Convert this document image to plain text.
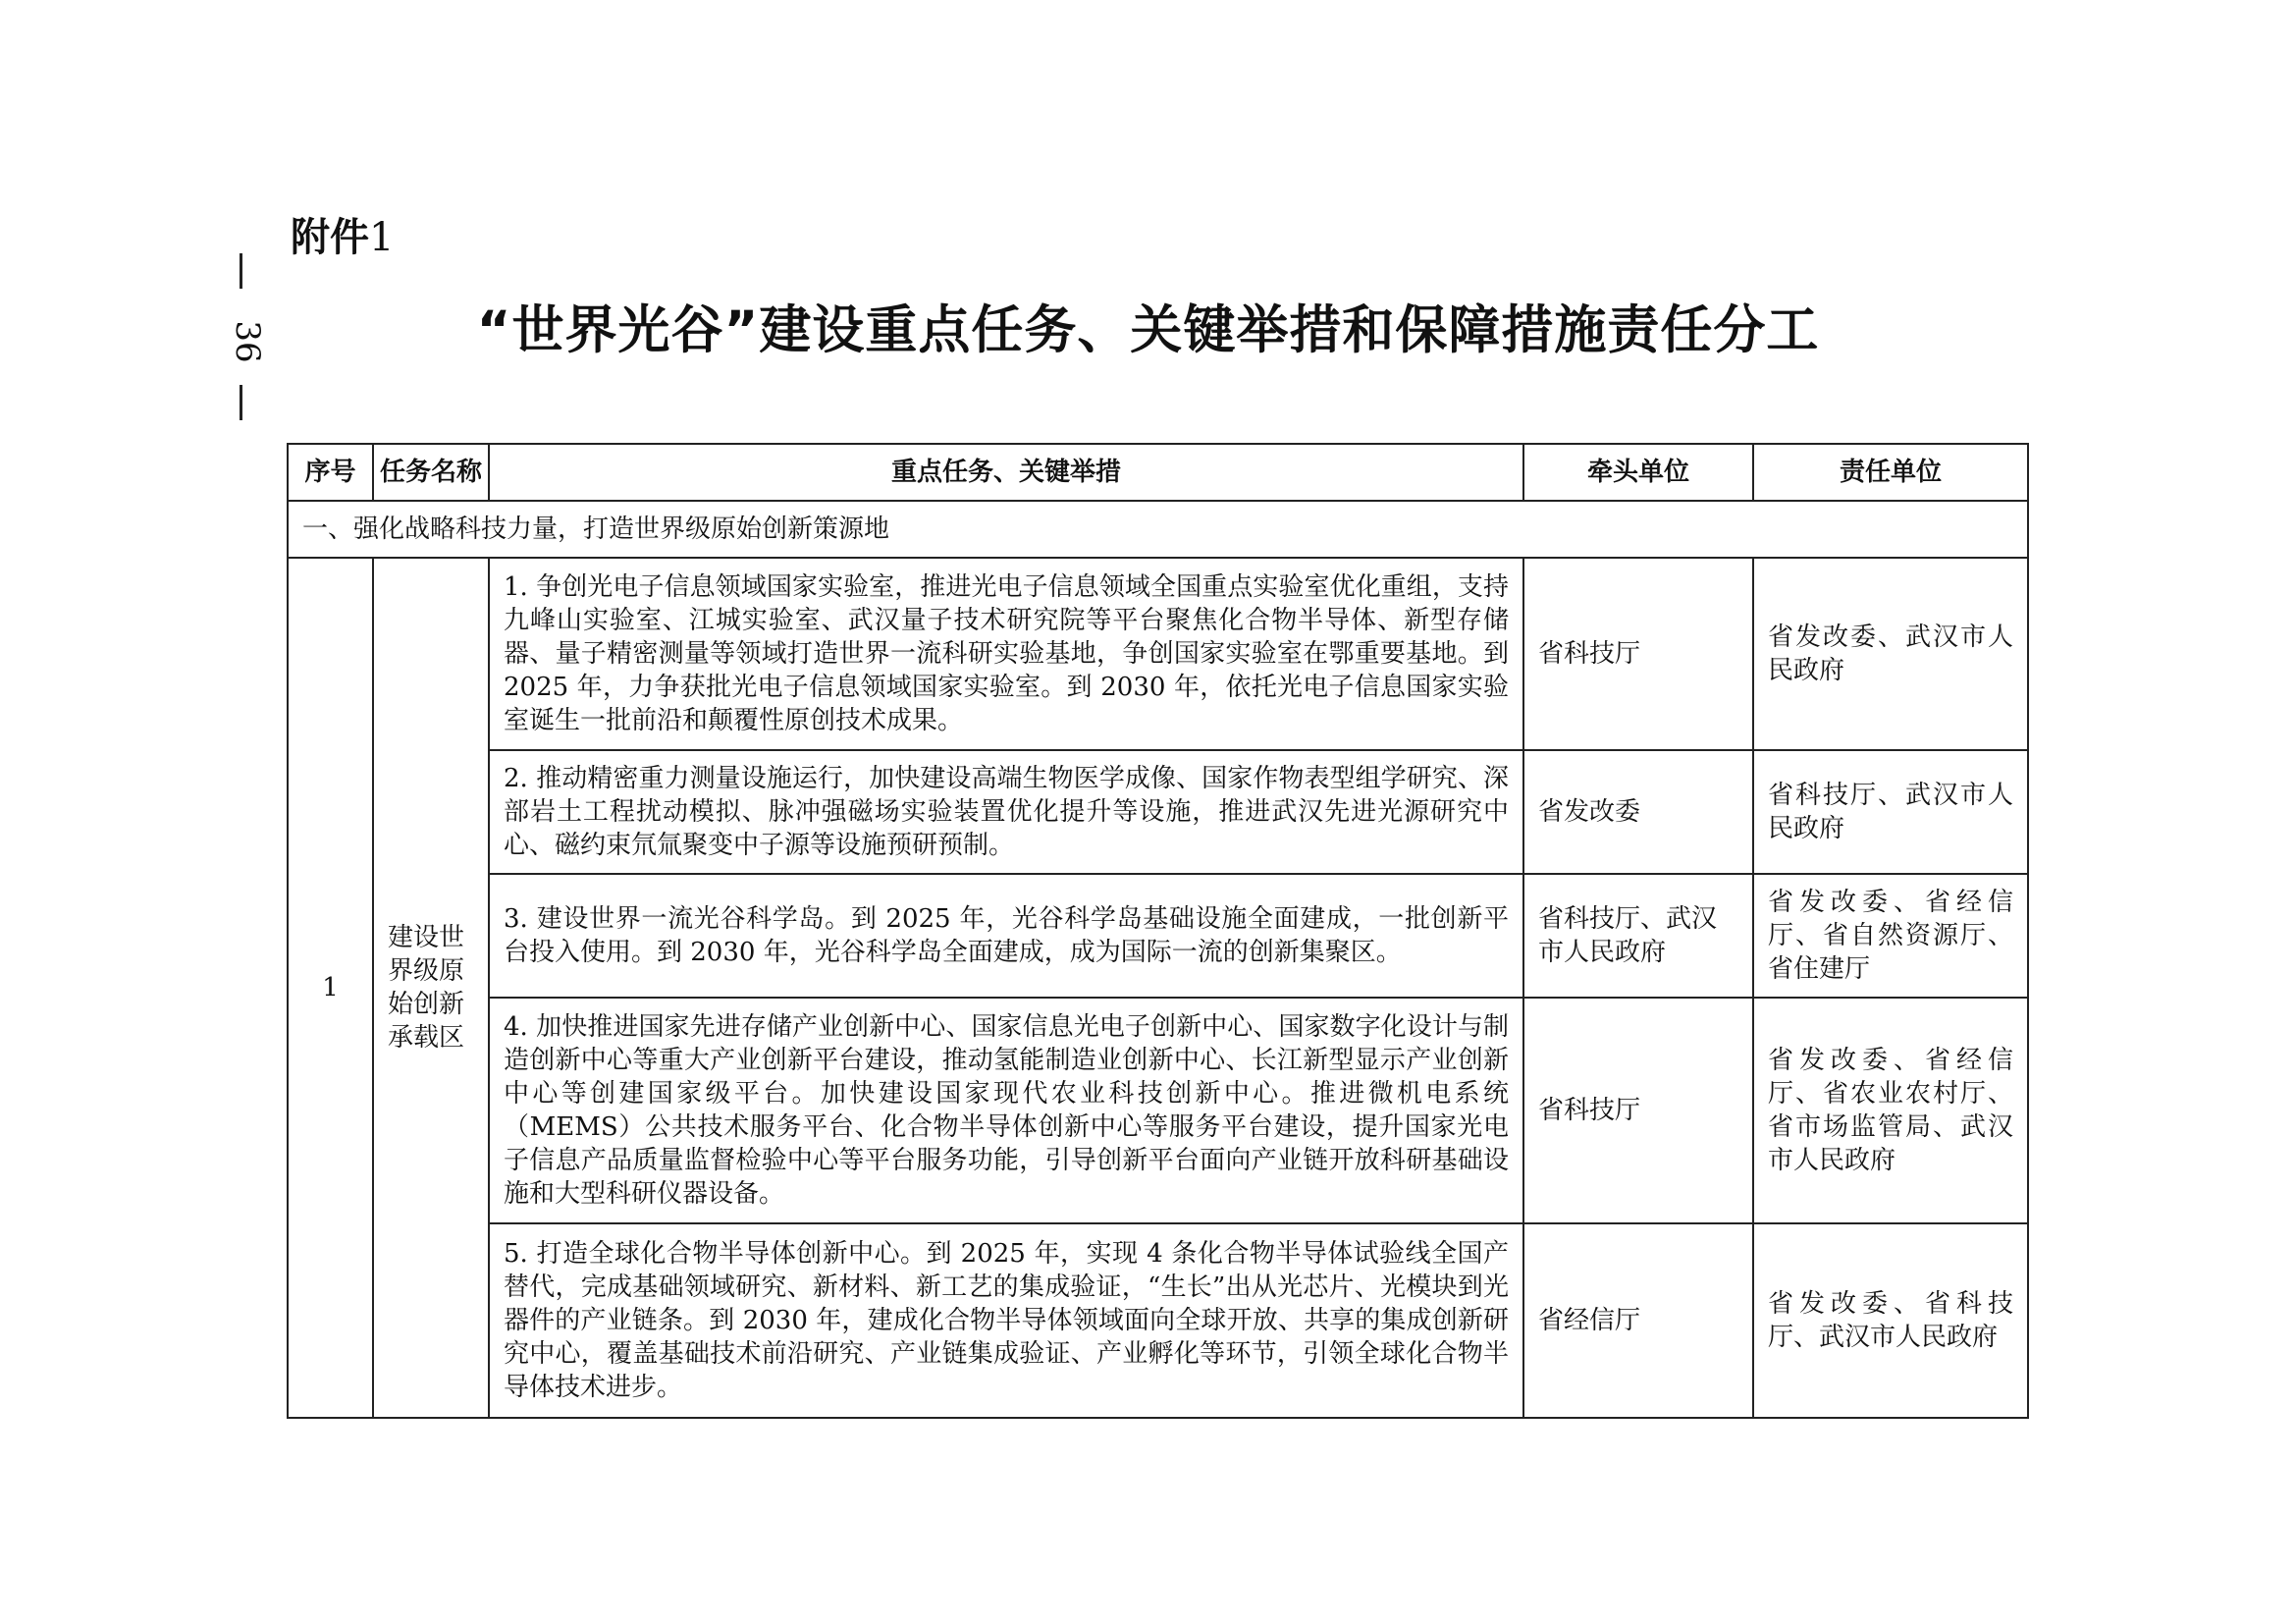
36
附件1
“世界光谷”建设重点任务、关键举措和保障措施责任分工
序号	任务名称	重点任务、关键举措	牵头单位	责任单位
一、强化战略科技力量，打造世界级原始创新策源地				
1	建设世界级原始创新承载区	1. 争创光电子信息领域国家实验室，推进光电子信息领域全国重点实验室优化重组，支持九峰山实验室、江城实验室、武汉量子技术研究院等平台聚焦化合物半导体、新型存储器、量子精密测量等领域打造世界一流科研实验基地，争创国家实验室在鄂重要基地。到 2025 年，力争获批光电子信息领域国家实验室。到 2030 年，依托光电子信息国家实验室诞生一批前沿和颠覆性原创技术成果。	省科技厅	省发改委、武汉市人民政府
		2. 推动精密重力测量设施运行，加快建设高端生物医学成像、国家作物表型组学研究、深部岩土工程扰动模拟、脉冲强磁场实验装置优化提升等设施，推进武汉先进光源研究中心、磁约束氘氚聚变中子源等设施预研预制。	省发改委	省科技厅、武汉市人民政府
		3. 建设世界一流光谷科学岛。到 2025 年，光谷科学岛基础设施全面建成，一批创新平台投入使用。到 2030 年，光谷科学岛全面建成，成为国际一流的创新集聚区。	省科技厅、武汉市人民政府	省发改委、省经信厅、省自然资源厅、省住建厅
		4. 加快推进国家先进存储产业创新中心、国家信息光电子创新中心、国家数字化设计与制造创新中心等重大产业创新平台建设，推动氢能制造业创新中心、长江新型显示产业创新中心等创建国家级平台。加快建设国家现代农业科技创新中心。推进微机电系统（MEMS）公共技术服务平台、化合物半导体创新中心等服务平台建设，提升国家光电子信息产品质量监督检验中心等平台服务功能，引导创新平台面向产业链开放科研基础设施和大型科研仪器设备。	省科技厅	省发改委、省经信厅、省农业农村厅、省市场监管局、武汉市人民政府
		5. 打造全球化合物半导体创新中心。到 2025 年，实现 4 条化合物半导体试验线全国产替代，完成基础领域研究、新材料、新工艺的集成验证，“生长”出从光芯片、光模块到光器件的产业链条。到 2030 年，建成化合物半导体领域面向全球开放、共享的集成创新研究中心，覆盖基础技术前沿研究、产业链集成验证、产业孵化等环节，引领全球化合物半导体技术进步。	省经信厅	省发改委、省科技厅、武汉市人民政府
